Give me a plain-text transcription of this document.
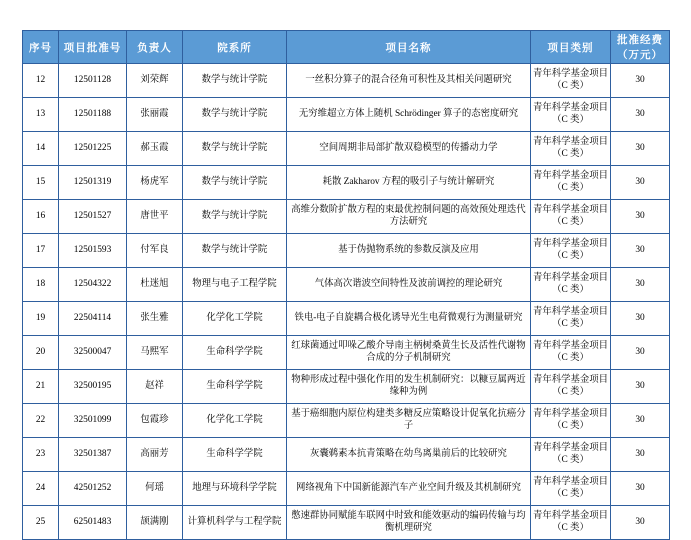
序号	项目批准号	负责人	院系所	项目名称	项目类别	批准经费（万元）
12	12501128	刘荣辉	数学与统计学院	一丝积分算子的混合径角可积性及其相关问题研究	青年科学基金项目（C 类）	30
13	12501188	张丽霞	数学与统计学院	无穷维超立方体上随机 Schrödinger 算子的态密度研究	青年科学基金项目（C 类）	30
14	12501225	郝玉霞	数学与统计学院	空间周期非局部扩散双稳模型的传播动力学	青年科学基金项目（C 类）	30
15	12501319	杨虎军	数学与统计学院	耗散 Zakharov 方程的吸引子与统计解研究	青年科学基金项目（C 类）	30
16	12501527	唐世平	数学与统计学院	高维分数阶扩散方程的束最优控制问题的高效预处理迭代方法研究	青年科学基金项目（C 类）	30
17	12501593	付军良	数学与统计学院	基于伪抛物系统的参数反演及应用	青年科学基金项目（C 类）	30
18	12504322	杜迷旭	物理与电子工程学院	气体高次谐波空间特性及波前调控的理论研究	青年科学基金项目（C 类）	30
19	22504114	张生雅	化学化工学院	铁电-电子自旋耦合极化诱导光生电荷微观行为测量研究	青年科学基金项目（C 类）	30
20	32500047	马熙军	生命科学学院	红球菌通过叩哚乙酸介导南主柄树桑黄生长及活性代谢物合成的分子机制研究	青年科学基金项目（C 类）	30
21	32500195	赵祥	生命科学学院	物种形成过程中强化作用的发生机制研究：以糠豆属两近缘种为例	青年科学基金项目（C 类）	30
22	32501099	包霞珍	化学化工学院	基于癌细胞内原位构建类多糖反应策略设计促氧化抗癌分子	青年科学基金项目（C 类）	30
23	32501387	高丽芳	生命科学学院	灰囊鹈素本抗青策略在幼鸟离巢前后的比较研究	青年科学基金项目（C 类）	30
24	42501252	何瑶	地理与环境科学学院	网络视角下中国新能源汽车产业空间升级及其机制研究	青年科学基金项目（C 类）	30
25	62501483	颉满刚	计算机科学与工程学院	憋速群协同赋能车联网中时致和能效驱动的编码传输与均衡机理研究	青年科学基金项目（C 类）	30
